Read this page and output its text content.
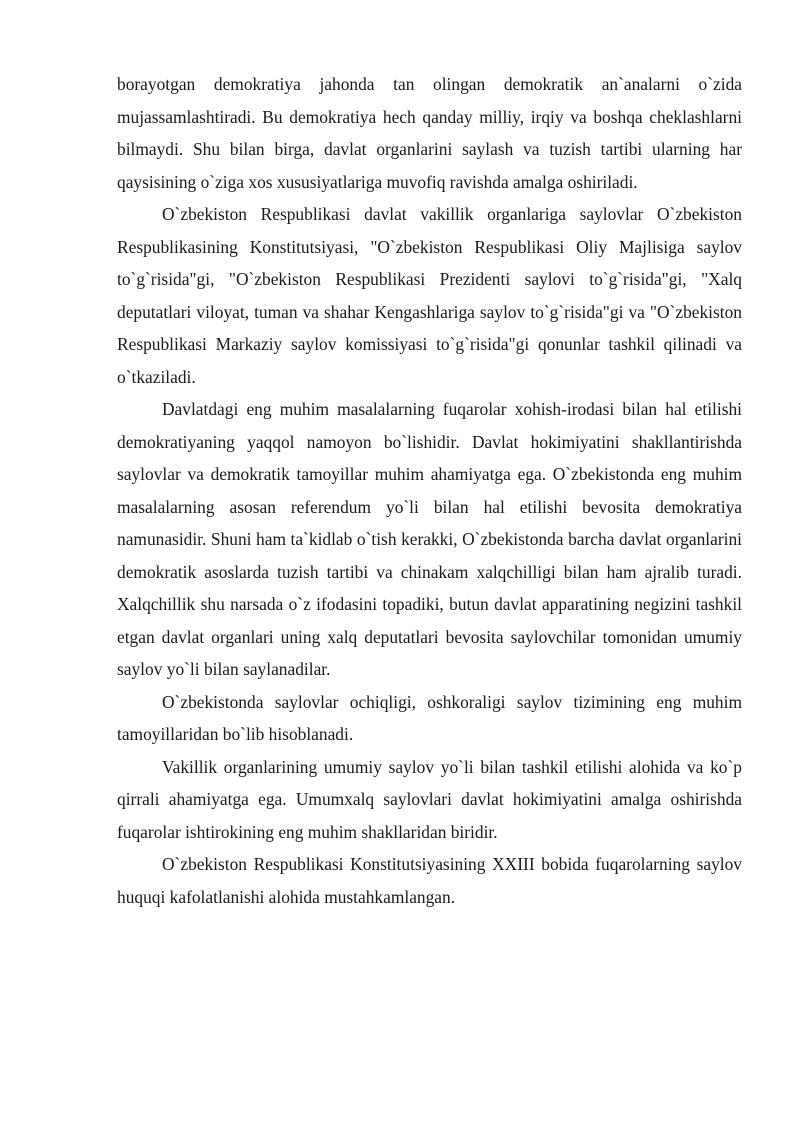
borayotgan demokratiya jahonda tan olingan demokratik an`analarni o`zida mujassamlashtiradi. Bu demokratiya hech qanday milliy, irqiy va boshqa cheklashlarni bilmaydi. Shu bilan birga, davlat organlarini saylash va tuzish tartibi ularning har qaysisining o`ziga xos xususiyatlariga muvofiq ravishda amalga oshiriladi.

O`zbekiston Respublikasi davlat vakillik organlariga saylovlar O`zbekiston Respublikasining Konstitutsiyasi, "O`zbekiston Respublikasi Oliy Majlisiga saylov to`g`risida"gi, "O`zbekiston Respublikasi Prezidenti saylovi to`g`risida"gi, "Xalq deputatlari viloyat, tuman va shahar Kengashlariga saylov to`g`risida"gi va "O`zbekiston Respublikasi Markaziy saylov komissiyasi to`g`risida"gi qonunlar tashkil qilinadi va o`tkaziladi.

Davlatdagi eng muhim masalalarning fuqarolar xohish-irodasi bilan hal etilishi demokratiyaning yaqqol namoyon bo`lishidir. Davlat hokimiyatini shakllantirishda saylovlar va demokratik tamoyillar muhim ahamiyatga ega. O`zbekistonda eng muhim masalalarning asosan referendum yo`li bilan hal etilishi bevosita demokratiya namunasidir. Shuni ham ta`kidlab o`tish kerakki, O`zbekistonda barcha davlat organlarini demokratik asoslarda tuzish tartibi va chinakam xalqchilligi bilan ham ajralib turadi. Xalqchillik shu narsada o`z ifodasini topadiki, butun davlat apparatining negizini tashkil etgan davlat organlari uning xalq deputatlari bevosita saylovchilar tomonidan umumiy saylov yo`li bilan saylanadilar.

O`zbekistonda saylovlar ochiqligi, oshkoraligi saylov tizimining eng muhim tamoyillaridan bo`lib hisoblanadi.

Vakillik organlarining umumiy saylov yo`li bilan tashkil etilishi alohida va ko`p qirrali ahamiyatga ega. Umumxalq saylovlari davlat hokimiyatini amalga oshirishda fuqarolar ishtirokining eng muhim shakllaridan biridir.

O`zbekiston Respublikasi Konstitutsiyasining XXIII bobida fuqarolarning saylov huquqi kafolatlanishi alohida mustahkamlangan.
